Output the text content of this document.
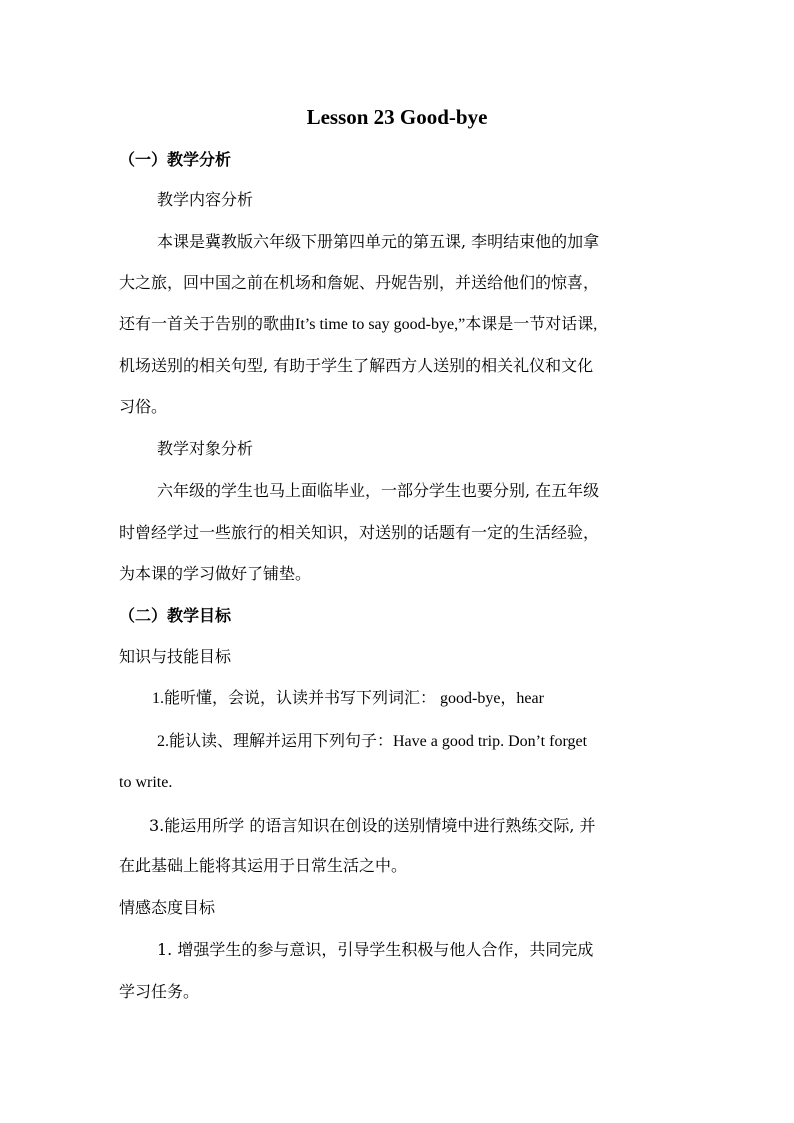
Lesson 23 Good-bye
（一）教学分析
教学内容分析
本课是冀教版六年级下册第四单元的第五课, 李明结束他的加拿
大之旅，回中国之前在机场和詹妮、丹妮告别，并送给他们的惊喜，
还有一首关于告别的歌曲It’s time to say good-bye,”本课是一节对话课,
机场送别的相关句型, 有助于学生了解西方人送别的相关礼仪和文化
习俗。
教学对象分析
六年级的学生也马上面临毕业，一部分学生也要分别, 在五年级
时曾经学过一些旅行的相关知识，对送别的话题有一定的生活经验，
为本课的学习做好了铺垫。
（二）教学目标
知识与技能目标
1.能听懂，会说，认读并书写下列词汇： good-bye，hear
2.能认读、理解并运用下列句子：Have a good trip. Don’t forget
to write.
3.能运用所学 的语言知识在创设的送别情境中进行熟练交际, 并
在此基础上能将其运用于日常生活之中。
情感态度目标
1. 增强学生的参与意识，引导学生积极与他人合作，共同完成
学习任务。
